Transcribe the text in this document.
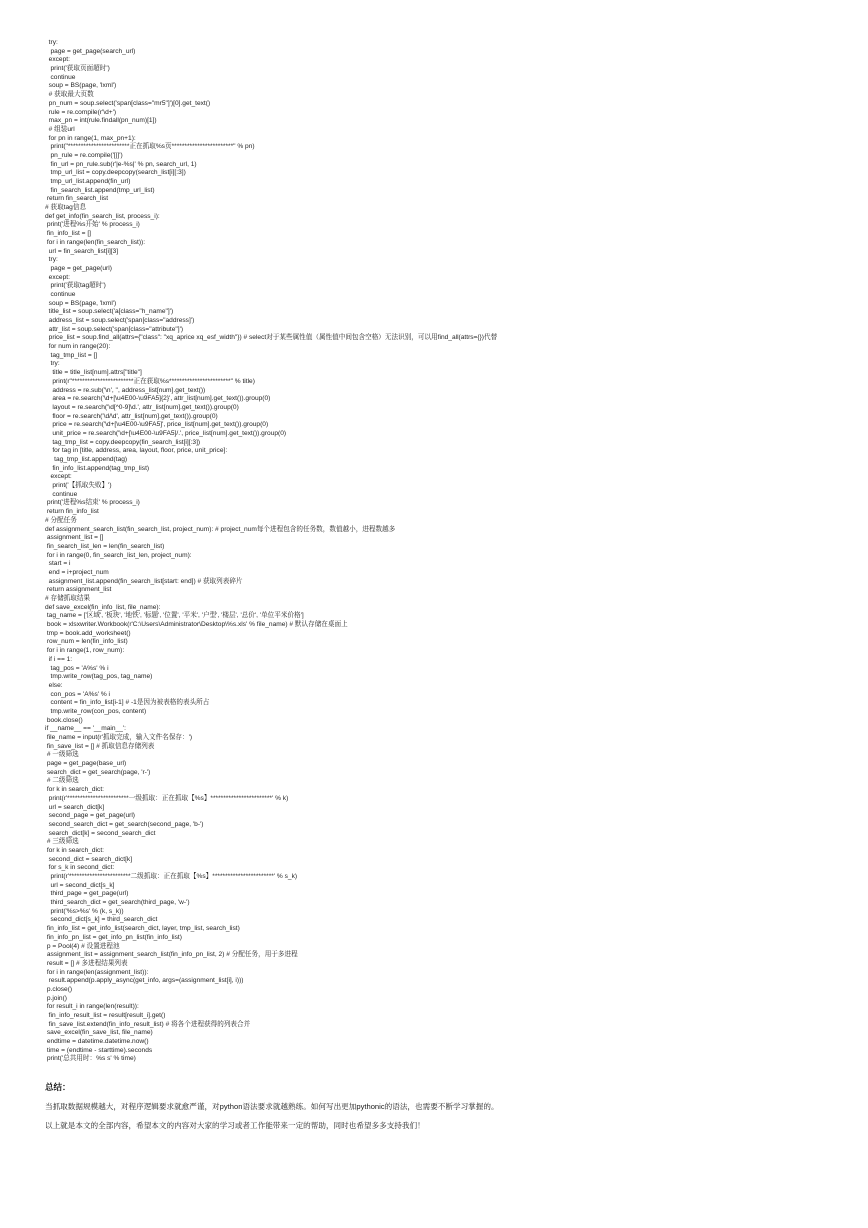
try:
page = get_page(search_url)
except:
print('获取页面超时')
continue
soup = BS(page, 'lxml')
# 获取最大页数
pn_num = soup.select('span[class="mr5"]')[0].get_text()
rule = re.compile(r'\d+')
max_pn = int(rule.findall(pn_num)[1])
# 组装url
for pn in range(1, max_pn+1):
print("************************正在抓取%s页************************" % pn)
pn_rule = re.compile('[|]')
fin_url = pn_rule.sub(r'|e-%s|' % pn, search_url, 1)
tmp_url_list = copy.deepcopy(search_list[i][:3])
tmp_url_list.append(fin_url)
fin_search_list.append(tmp_url_list)
return fin_search_list
# 获取tag信息
def get_info(fin_search_list, process_i):
print('进程%s开始' % process_i)
fin_info_list = []
for i in range(len(fin_search_list)):
url = fin_search_list[i][3]
try:
page = get_page(url)
except:
print('获取tag超时')
continue
soup = BS(page, 'lxml')
title_list = soup.select('a[class="h_name"]')
address_list = soup.select('span[class="address]')
attr_list = soup.select('span[class="attribute"]')
price_list = soup.find_all(attrs={"class": "xq_aprice xq_esf_width"}) # select对于某些属性值（属性值中间包含空格）无法识别，可以用find_all(attrs={})代替
for num in range(20):
tag_tmp_list = []
try:
title = title_list[num].attrs["title"]
print(r"************************正在获取%s************************" % title)
address = re.sub('\n', '', address_list[num].get_text())
area = re.search('\d+[\u4E00-\u9FA5]{2}', attr_list[num].get_text()).group(0)
layout = re.search('\d[^0-9]\d.', attr_list[num].get_text()).group(0)
floor = re.search('\d/\d', attr_list[num].get_text()).group(0)
price = re.search('\d+[\u4E00-\u9FA5]', price_list[num].get_text()).group(0)
unit_price = re.search('\d+[\u4E00-\u9FA5]/.', price_list[num].get_text()).group(0)
tag_tmp_list = copy.deepcopy(fin_search_list[i][:3])
for tag in [title, address, area, layout, floor, price, unit_price]:
tag_tmp_list.append(tag)
fin_info_list.append(tag_tmp_list)
except:
print('【抓取失败】')
continue
print('进程%s结束' % process_i)
return fin_info_list
# 分配任务
def assignment_search_list(fin_search_list, project_num): # project_num每个进程包含的任务数，数值越小，进程数越多
assignment_list = []
fin_search_list_len = len(fin_search_list)
for i in range(0, fin_search_list_len, project_num):
start = i
end = i+project_num
assignment_list.append(fin_search_list[start: end]) # 获取列表碎片
return assignment_list
# 存储抓取结果
def save_excel(fin_info_list, file_name):
tag_name = ['区域', '板块', '地铁', '标题', '位置', '平米', '户型', '楼层', '总价', '单位平米价格']
book = xlsxwriter.Workbook(r'C:\Users\Administrator\Desktop\%s.xls' % file_name) # 默认存储在桌面上
tmp = book.add_worksheet()
row_num = len(fin_info_list)
for i in range(1, row_num):
if i == 1:
tag_pos = 'A%s' % i
tmp.write_row(tag_pos, tag_name)
else:
con_pos = 'A%s' % i
content = fin_info_list[i-1] # -1是因为被表格的表头所占
tmp.write_row(con_pos, content)
book.close()
if __name__ == '__main__':
file_name = input(r'抓取完成，输入文件名保存：')
fin_save_list = [] # 抓取信息存储列表
# 一级筛选
page = get_page(base_url)
search_dict = get_search(page, 'r-')
# 二级筛选
for k in search_dict:
print(r'************************一级抓取：正在抓取【%s】************************' % k)
url = search_dict[k]
second_page = get_page(url)
second_search_dict = get_search(second_page, 'b-')
search_dict[k] = second_search_dict
# 三级筛选
for k in search_dict:
second_dict = search_dict[k]
for s_k in second_dict:
print(r'************************二级抓取：正在抓取【%s】************************' % s_k)
url = second_dict[s_k]
third_page = get_page(url)
third_search_dict = get_search(third_page, 'w-')
print('%s>%s' % (k, s_k))
second_dict[s_k] = third_search_dict
fin_info_list = get_info_list(search_dict, layer, tmp_list, search_list)
fin_info_pn_list = get_info_pn_list(fin_info_list)
p = Pool(4) # 设置进程池
assignment_list = assignment_search_list(fin_info_pn_list, 2) # 分配任务，用于多进程
result = [] # 多进程结果列表
for i in range(len(assignment_list)):
result.append(p.apply_async(get_info, args=(assignment_list[i], i)))
p.close()
p.join()
for result_i in range(len(result)):
fin_info_result_list = result[result_i].get()
fin_save_list.extend(fin_info_result_list) # 将各个进程获得的列表合并
save_excel(fin_save_list, file_name)
endtime = datetime.datetime.now()
time = (endtime - starttime).seconds
print('总共用时：%s s' % time)
总结：

当抓取数据规模越大，对程序逻辑要求就愈严谨，对python语法要求就越熟练。如何写出更加pythonic的语法，也需要不断学习掌握的。

以上就是本文的全部内容，希望本文的内容对大家的学习或者工作能带来一定的帮助，同时也希望多多支持我们！
